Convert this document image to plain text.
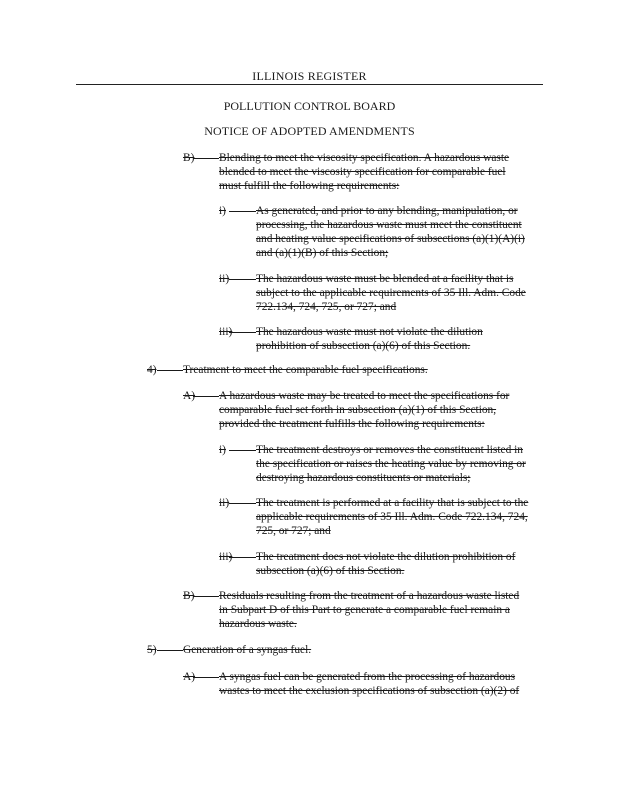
ILLINOIS REGISTER
POLLUTION CONTROL BOARD
NOTICE OF ADOPTED AMENDMENTS
B) Blending to meet the viscosity specification. A hazardous waste
blended to meet the viscosity specification for comparable fuel
must fulfill the following requirements:
i)	As generated, and prior to any blending, manipulation, or
processing, the hazardous waste must meet the constituent
and heating value specifications of subsections (a)(1)(A)(i)
and (a)(1)(B) of this Section;
ii) The hazardous waste must be blended at a facility that is
subject to the applicable requirements of 35 Ill. Adm. Code
722.134, 724, 725, or 727; and
iii) The hazardous waste must not violate the dilution
prohibition of subsection (a)(6) of this Section.
4) Treatment to meet the comparable fuel specifications.
A) A hazardous waste may be treated to meet the specifications for
comparable fuel set forth in subsection (a)(1) of this Section,
provided the treatment fulfills the following requirements:
i)	The treatment destroys or removes the constituent listed in
the specification or raises the heating value by removing or
destroying hazardous constituents or materials;
ii) The treatment is performed at a facility that is subject to the
applicable requirements of 35 Ill. Adm. Code 722.134, 724,
725, or 727; and
iii) The treatment does not violate the dilution prohibition of
subsection (a)(6) of this Section.
B) Residuals resulting from the treatment of a hazardous waste listed
in Subpart D of this Part to generate a comparable fuel remain a
hazardous waste.
5) Generation of a syngas fuel.
A) A syngas fuel can be generated from the processing of hazardous
wastes to meet the exclusion specifications of subsection (a)(2) of
